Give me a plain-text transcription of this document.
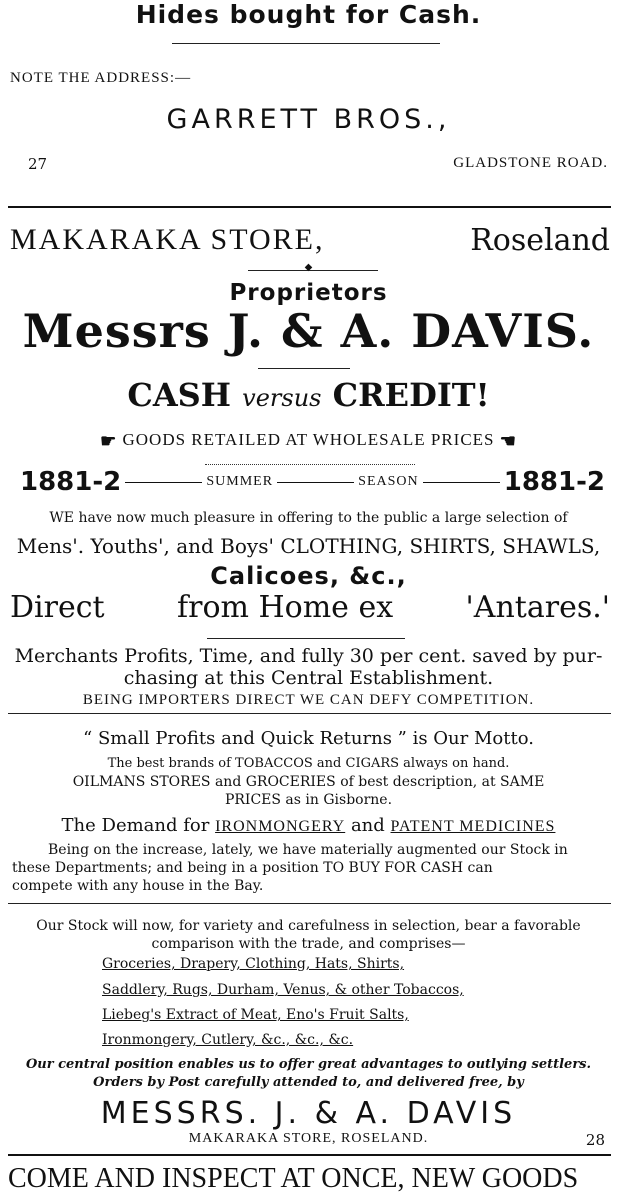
Hides bought for Cash.
NOTE THE ADDRESS:—
GARRETT BROS.,
27	GLADSTONE ROAD.
MAKARAKA STORE,	Roseland
◆
Proprietors
Messrs J. & A. DAVIS.
CASH versus CREDIT!
☛ GOODS RETAILED AT WHOLESALE PRICES ☚
1881-2	SUMMER	SEASON	1881-2
WE have now much pleasure in offering to the public a large selection of
Mens'. Youths', and Boys' CLOTHING, SHIRTS, SHAWLS,
Calicoes, &c.,
Direct from Home ex 'Antares.'
Merchants Profits, Time, and fully 30 per cent. saved by pur-
chasing at this Central Establishment.
BEING IMPORTERS DIRECT WE CAN DEFY COMPETITION.
“ Small Profits and Quick Returns ” is Our Motto.
The best brands of TOBACCOS and CIGARS always on hand.
OILMANS STORES and GROCERIES of best description, at SAME
PRICES as in Gisborne.
The Demand for IRONMONGERY and PATENT MEDICINES
Being on the increase, lately, we have materially augmented our Stock in
these Departments; and being in a position TO BUY FOR CASH can
compete with any house in the Bay.
Our Stock will now, for variety and carefulness in selection, bear a favorable
comparison with the trade, and comprises—
Groceries, Drapery, Clothing, Hats, Shirts,
Saddlery, Rugs, Durham, Venus, & other Tobaccos,
Liebeg's Extract of Meat, Eno's Fruit Salts,
Ironmongery, Cutlery, &c., &c., &c.
Our central position enables us to offer great advantages to outlying settlers.
Orders by Post carefully attended to, and delivered free, by
MESSRS. J. & A. DAVIS
MAKARAKA STORE, ROSELAND.	28
COME AND INSPECT AT ONCE, NEW GOODS
